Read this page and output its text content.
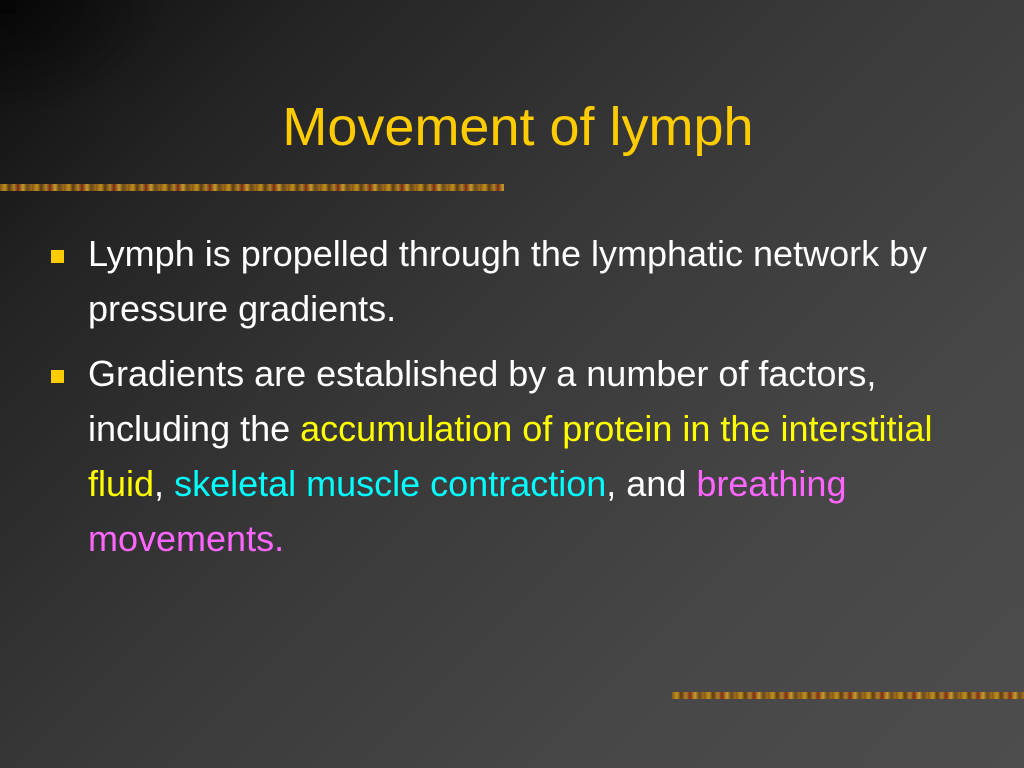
Movement of lymph
Lymph is propelled through the lymphatic network by pressure gradients.
Gradients are established by a number of factors, including the accumulation of protein in the interstitial fluid, skeletal muscle contraction, and breathing movements.
